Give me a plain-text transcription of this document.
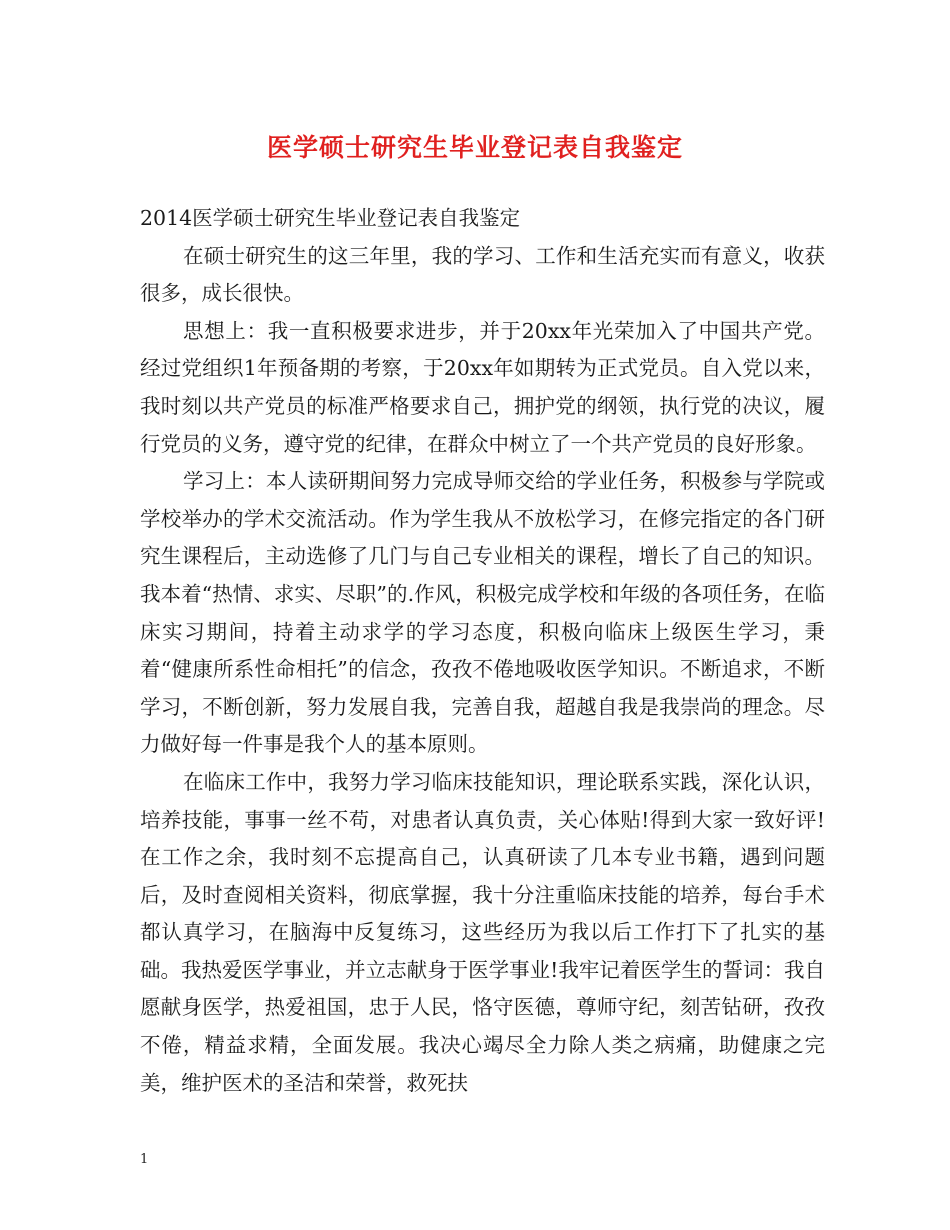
医学硕士研究生毕业登记表自我鉴定

2014医学硕士研究生毕业登记表自我鉴定

在硕士研究生的这三年里，我的学习、工作和生活充实而有意义，收获很多，成长很快。

思想上：我一直积极要求进步，并于20xx年光荣加入了中国共产党。经过党组织1年预备期的考察，于20xx年如期转为正式党员。自入党以来，我时刻以共产党员的标准严格要求自己，拥护党的纲领，执行党的决议，履行党员的义务，遵守党的纪律，在群众中树立了一个共产党员的良好形象。

学习上：本人读研期间努力完成导师交给的学业任务，积极参与学院或学校举办的学术交流活动。作为学生我从不放松学习，在修完指定的各门研究生课程后，主动选修了几门与自己专业相关的课程，增长了自己的知识。我本着“热情、求实、尽职”的.作风，积极完成学校和年级的各项任务，在临床实习期间，持着主动求学的学习态度，积极向临床上级医生学习，秉着“健康所系性命相托”的信念，孜孜不倦地吸收医学知识。不断追求，不断学习，不断创新，努力发展自我，完善自我，超越自我是我崇尚的理念。尽力做好每一件事是我个人的基本原则。

在临床工作中，我努力学习临床技能知识，理论联系实践，深化认识，培养技能，事事一丝不苟，对患者认真负责，关心体贴!得到大家一致好评!在工作之余，我时刻不忘提高自己，认真研读了几本专业书籍，遇到问题后，及时查阅相关资料，彻底掌握，我十分注重临床技能的培养，每台手术都认真学习，在脑海中反复练习，这些经历为我以后工作打下了扎实的基础。我热爱医学事业，并立志献身于医学事业!我牢记着医学生的誓词：我自愿献身医学，热爱祖国，忠于人民，恪守医德，尊师守纪，刻苦钻研，孜孜不倦，精益求精，全面发展。我决心竭尽全力除人类之病痛，助健康之完美，维护医术的圣洁和荣誉，救死扶

1
